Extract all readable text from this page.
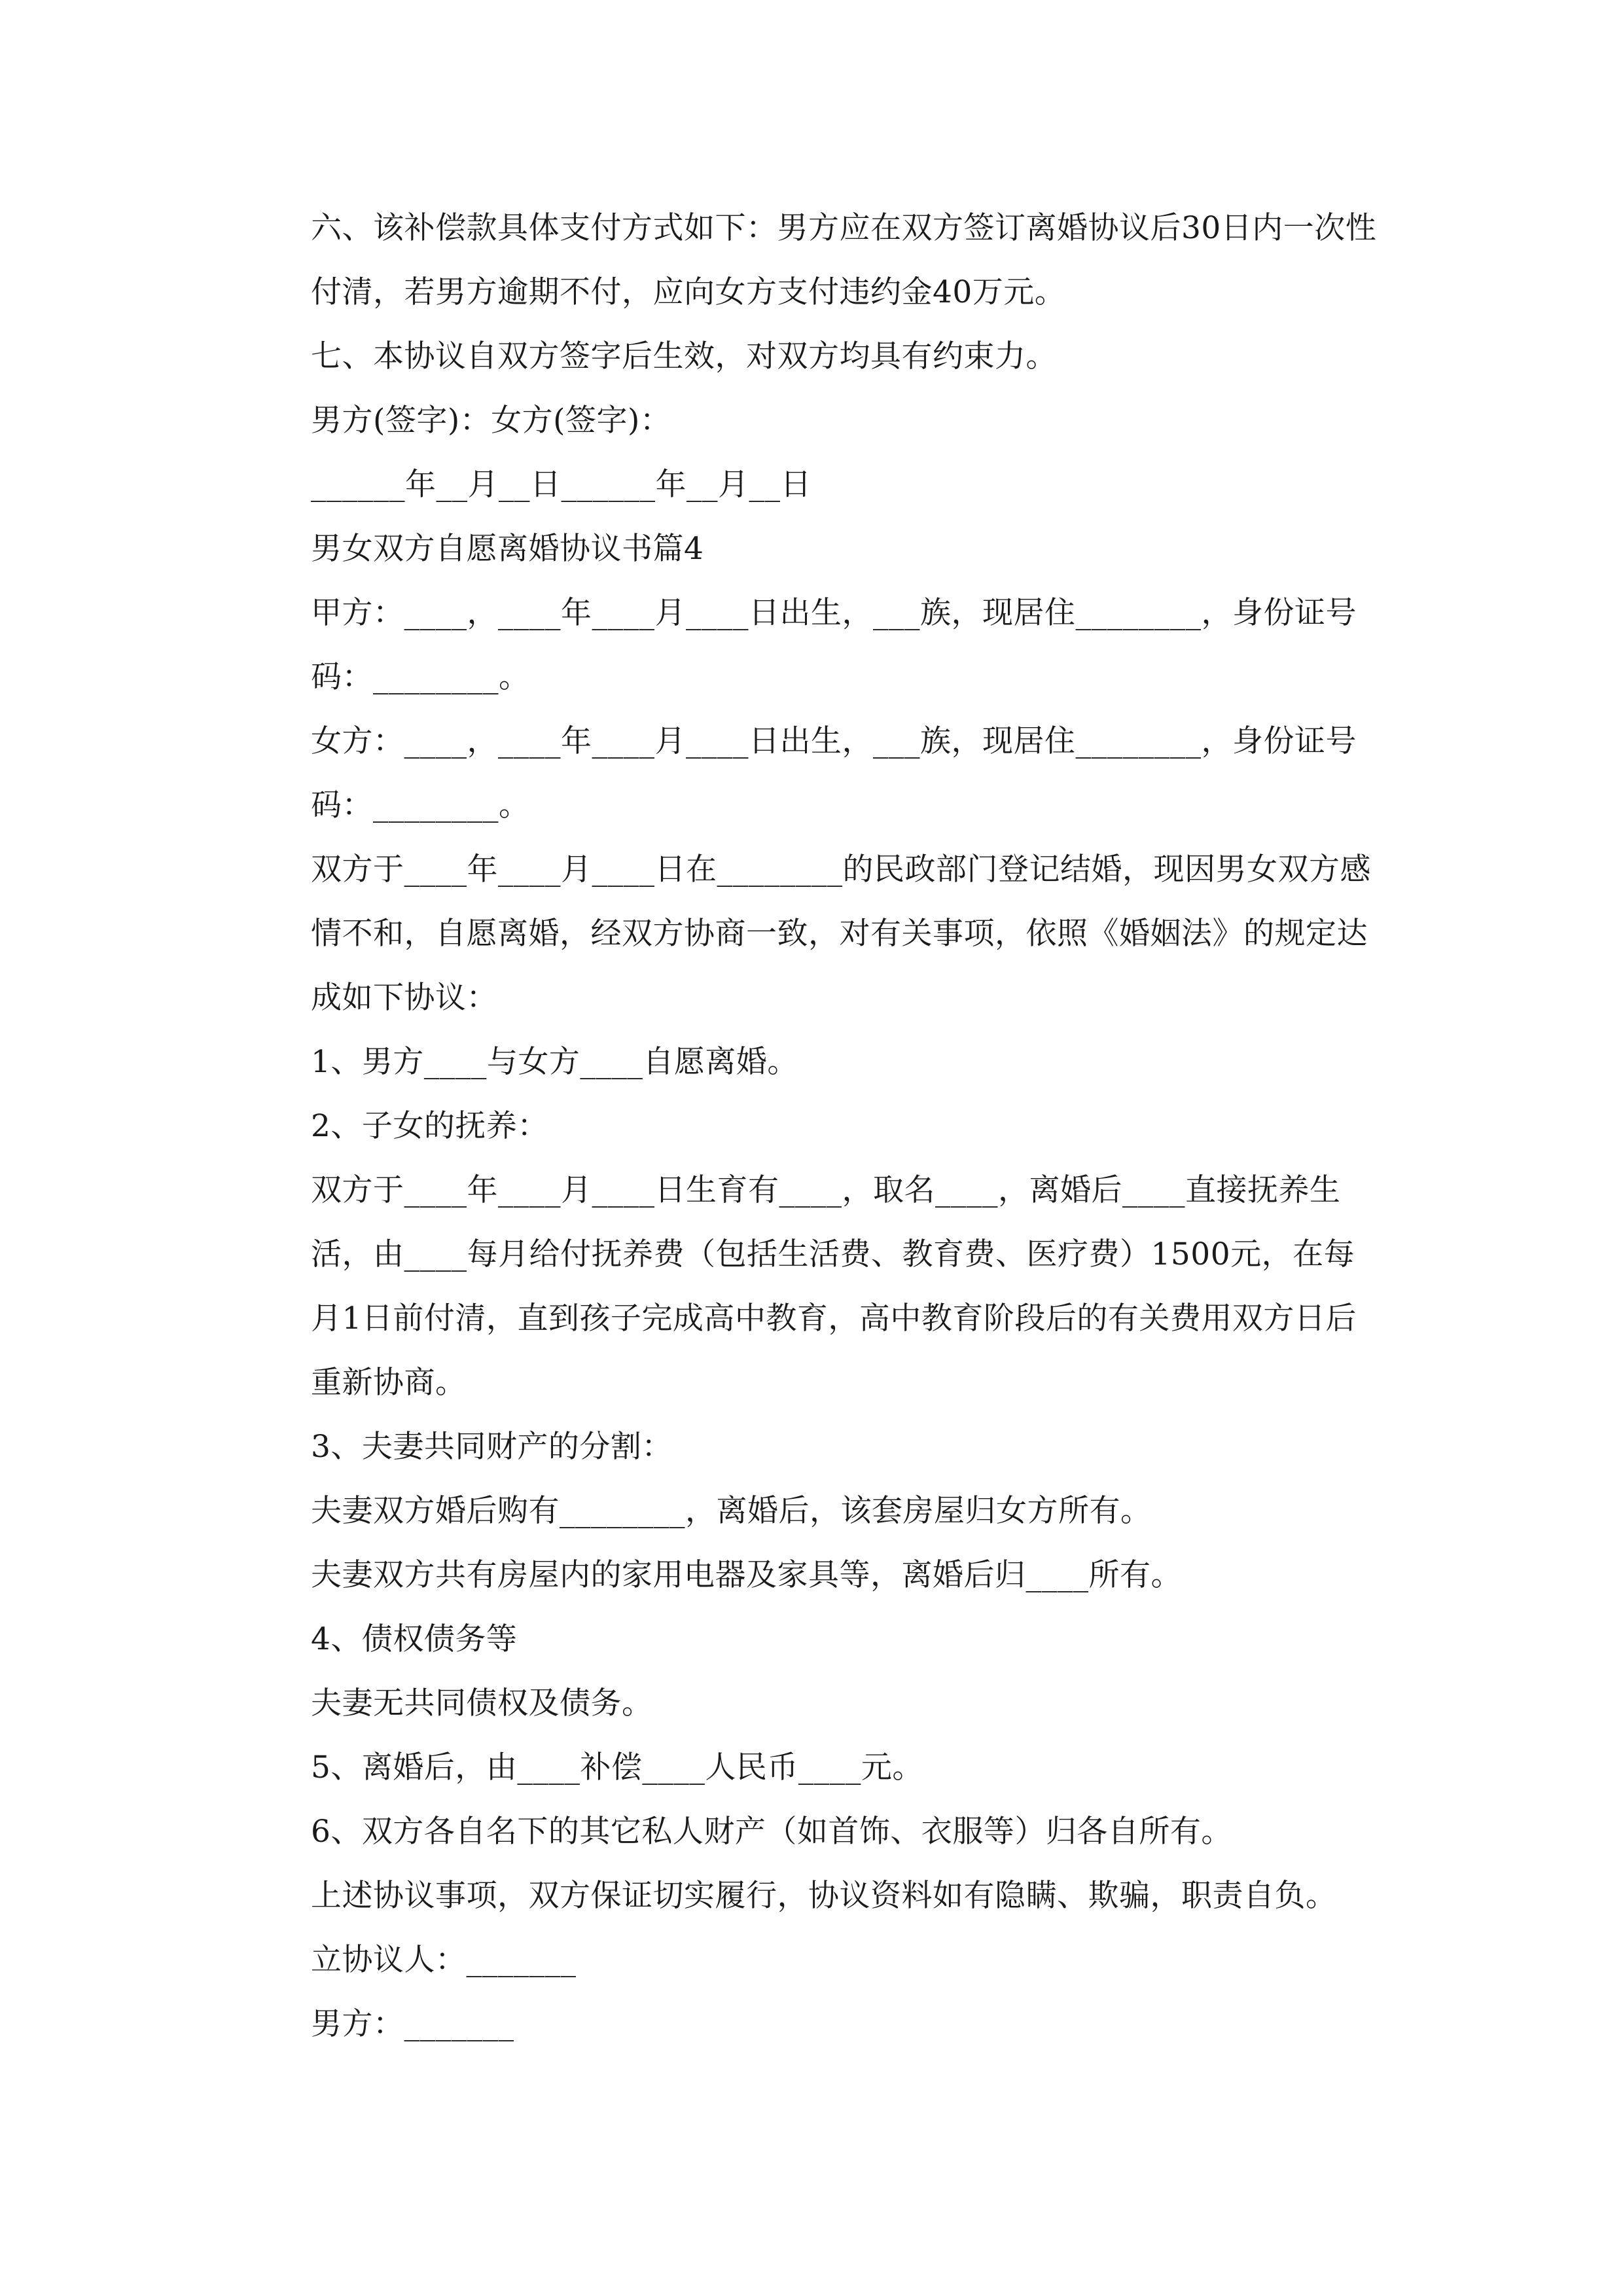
六、该补偿款具体支付方式如下：男方应在双方签订离婚协议后30日内一次性付清，若男方逾期不付，应向女方支付违约金40万元。

七、本协议自双方签字后生效，对双方均具有约束力。

男方(签字)：女方(签字)：

______年__月__日______年__月__日

男女双方自愿离婚协议书篇4

甲方：____，____年____月____日出生，___族，现居住________，身份证号码：________。

女方：____，____年____月____日出生，___族，现居住________，身份证号码：________。

双方于____年____月____日在________的民政部门登记结婚，现因男女双方感情不和，自愿离婚，经双方协商一致，对有关事项，依照《婚姻法》的规定达成如下协议：

1、男方____与女方____自愿离婚。

2、子女的抚养：

双方于____年____月____日生育有____，取名____，离婚后____直接抚养生活，由____每月给付抚养费（包括生活费、教育费、医疗费）1500元，在每月1日前付清，直到孩子完成高中教育，高中教育阶段后的有关费用双方日后重新协商。

3、夫妻共同财产的分割：

夫妻双方婚后购有________，离婚后，该套房屋归女方所有。

夫妻双方共有房屋内的家用电器及家具等，离婚后归____所有。

4、债权债务等

夫妻无共同债权及债务。

5、离婚后，由____补偿____人民币____元。

6、双方各自名下的其它私人财产（如首饰、衣服等）归各自所有。

上述协议事项，双方保证切实履行，协议资料如有隐瞒、欺骗，职责自负。

立协议人：_______

男方：_______
